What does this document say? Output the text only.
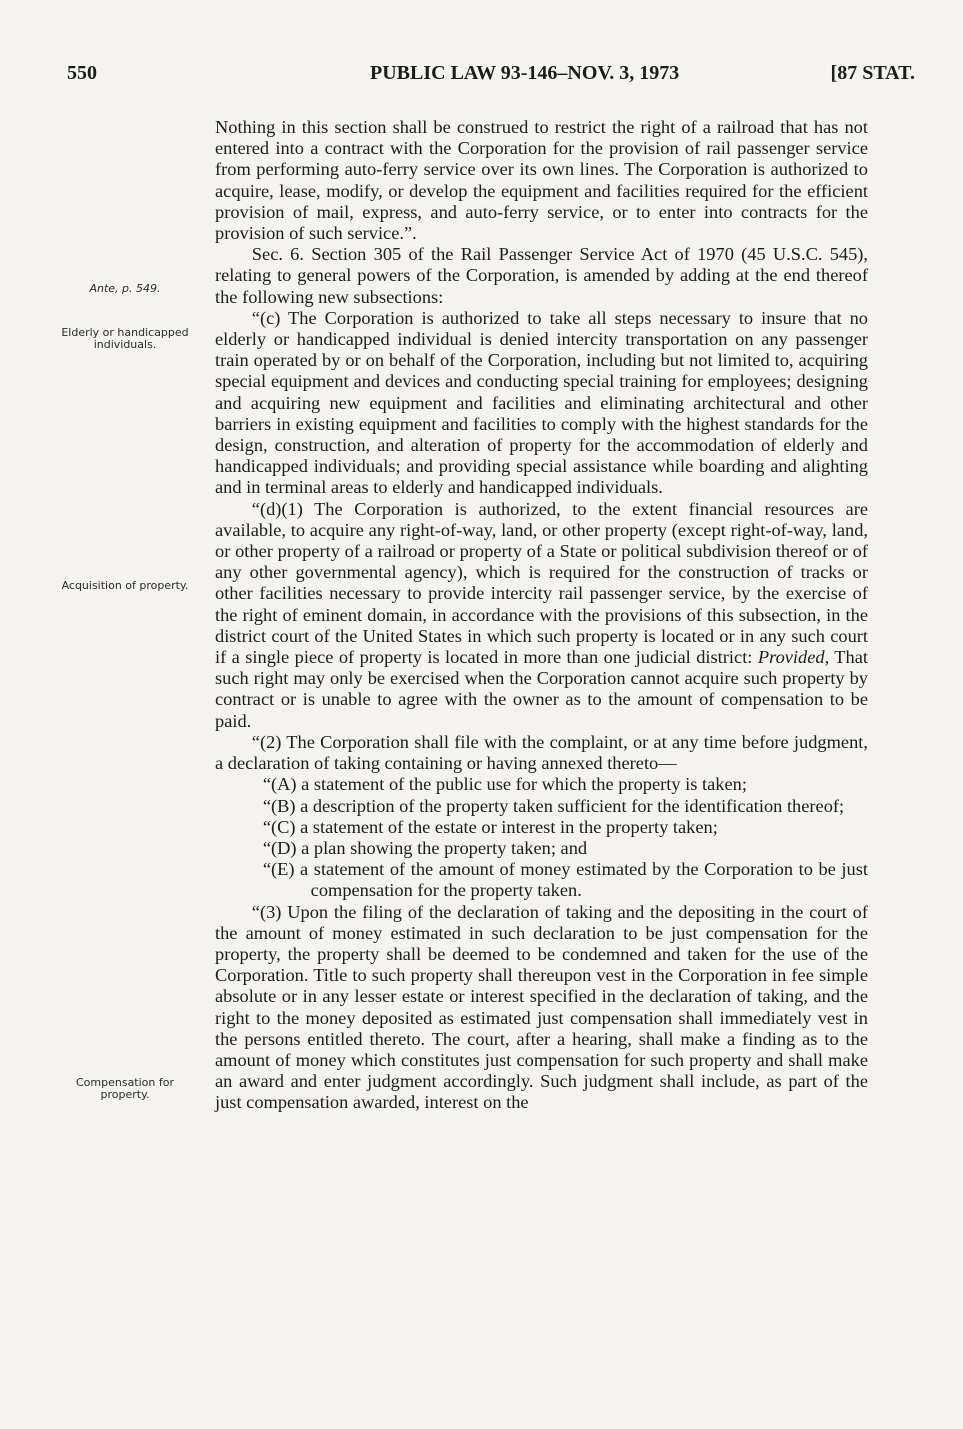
550	PUBLIC LAW 93-146–NOV. 3, 1973	[87 STAT.
Ante, p. 549.
Elderly or handicapped individuals.
Acquisition of property.
Compensation for property.

Nothing in this section shall be construed to restrict the right of a railroad that has not entered into a contract with the Corporation for the provision of rail passenger service from performing auto-ferry service over its own lines. The Corporation is authorized to acquire, lease, modify, or develop the equipment and facilities required for the efficient provision of mail, express, and auto-ferry service, or to enter into contracts for the provision of such service.”.

Sec. 6. Section 305 of the Rail Passenger Service Act of 1970 (45 U.S.C. 545), relating to general powers of the Corporation, is amended by adding at the end thereof the following new subsections:

“(c) The Corporation is authorized to take all steps necessary to insure that no elderly or handicapped individual is denied intercity transportation on any passenger train operated by or on behalf of the Corporation, including but not limited to, acquiring special equipment and devices and conducting special training for employees; designing and acquiring new equipment and facilities and eliminating architectural and other barriers in existing equipment and facilities to comply with the highest standards for the design, construction, and alteration of property for the accommodation of elderly and handicapped individuals; and providing special assistance while boarding and alighting and in terminal areas to elderly and handicapped individuals.

“(d)(1) The Corporation is authorized, to the extent financial resources are available, to acquire any right-of-way, land, or other property (except right-of-way, land, or other property of a railroad or property of a State or political subdivision thereof or of any other governmental agency), which is required for the construction of tracks or other facilities necessary to provide intercity rail passenger service, by the exercise of the right of eminent domain, in accordance with the provisions of this subsection, in the district court of the United States in which such property is located or in any such court if a single piece of property is located in more than one judicial district: Provided, That such right may only be exercised when the Corporation cannot acquire such property by contract or is unable to agree with the owner as to the amount of compensation to be paid.

“(2) The Corporation shall file with the complaint, or at any time before judgment, a declaration of taking containing or having annexed thereto—

“(A) a statement of the public use for which the property is taken;

“(B) a description of the property taken sufficient for the identification thereof;

“(C) a statement of the estate or interest in the property taken;

“(D) a plan showing the property taken; and

“(E) a statement of the amount of money estimated by the Corporation to be just compensation for the property taken.

“(3) Upon the filing of the declaration of taking and the depositing in the court of the amount of money estimated in such declaration to be just compensation for the property, the property shall be deemed to be condemned and taken for the use of the Corporation. Title to such property shall thereupon vest in the Corporation in fee simple absolute or in any lesser estate or interest specified in the declaration of taking, and the right to the money deposited as estimated just compensation shall immediately vest in the persons entitled thereto. The court, after a hearing, shall make a finding as to the amount of money which constitutes just compensation for such property and shall make an award and enter judgment accordingly. Such judgment shall include, as part of the just compensation awarded, interest on the
